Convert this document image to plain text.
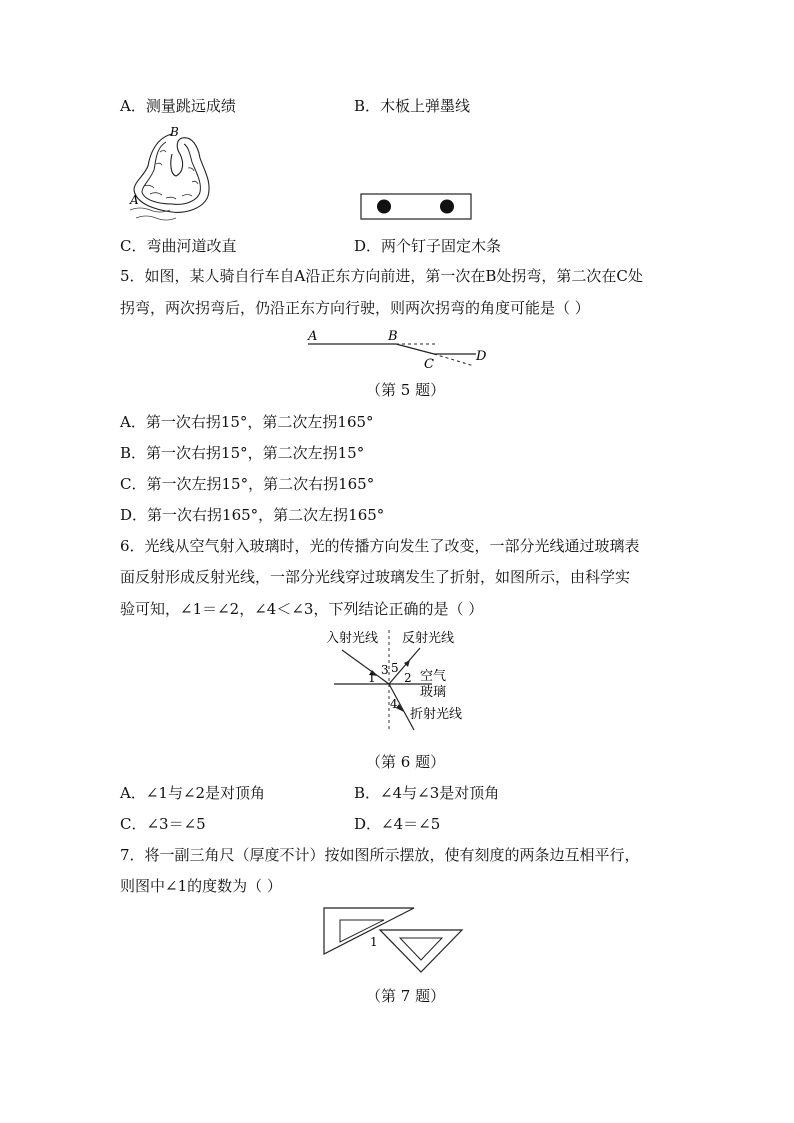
A．测量跳远成绩	B．木板上弹墨线
B
A
C．弯曲河道改直	D．两个钉子固定木条
5．如图，某人骑自行车自A沿正东方向前进，第一次在B处拐弯，第二次在C处
拐弯，两次拐弯后，仍沿正东方向行驶，则两次拐弯的角度可能是（ ）
A	B
C
D
（第 5 题）
A．第一次右拐15°，第二次左拐165°
B．第一次右拐15°，第二次左拐15°
C．第一次左拐15°，第二次右拐165°
D．第一次右拐165°，第二次左拐165°
6．光线从空气射入玻璃时，光的传播方向发生了改变，一部分光线通过玻璃表
面反射形成反射光线，一部分光线穿过玻璃发生了折射，如图所示，由科学实
验可知，∠1＝∠2，∠4＜∠3，下列结论正确的是（ ）
入射光线 反射光线
空气
玻璃
折射光线
1 2
3
4
5
（第 6 题）
A．∠1与∠2是对顶角	B．∠4与∠3是对顶角
C．∠3＝∠5	D．∠4＝∠5
7．将一副三角尺（厚度不计）按如图所示摆放，使有刻度的两条边互相平行，
则图中∠1的度数为（ ）
1
（第 7 题）
